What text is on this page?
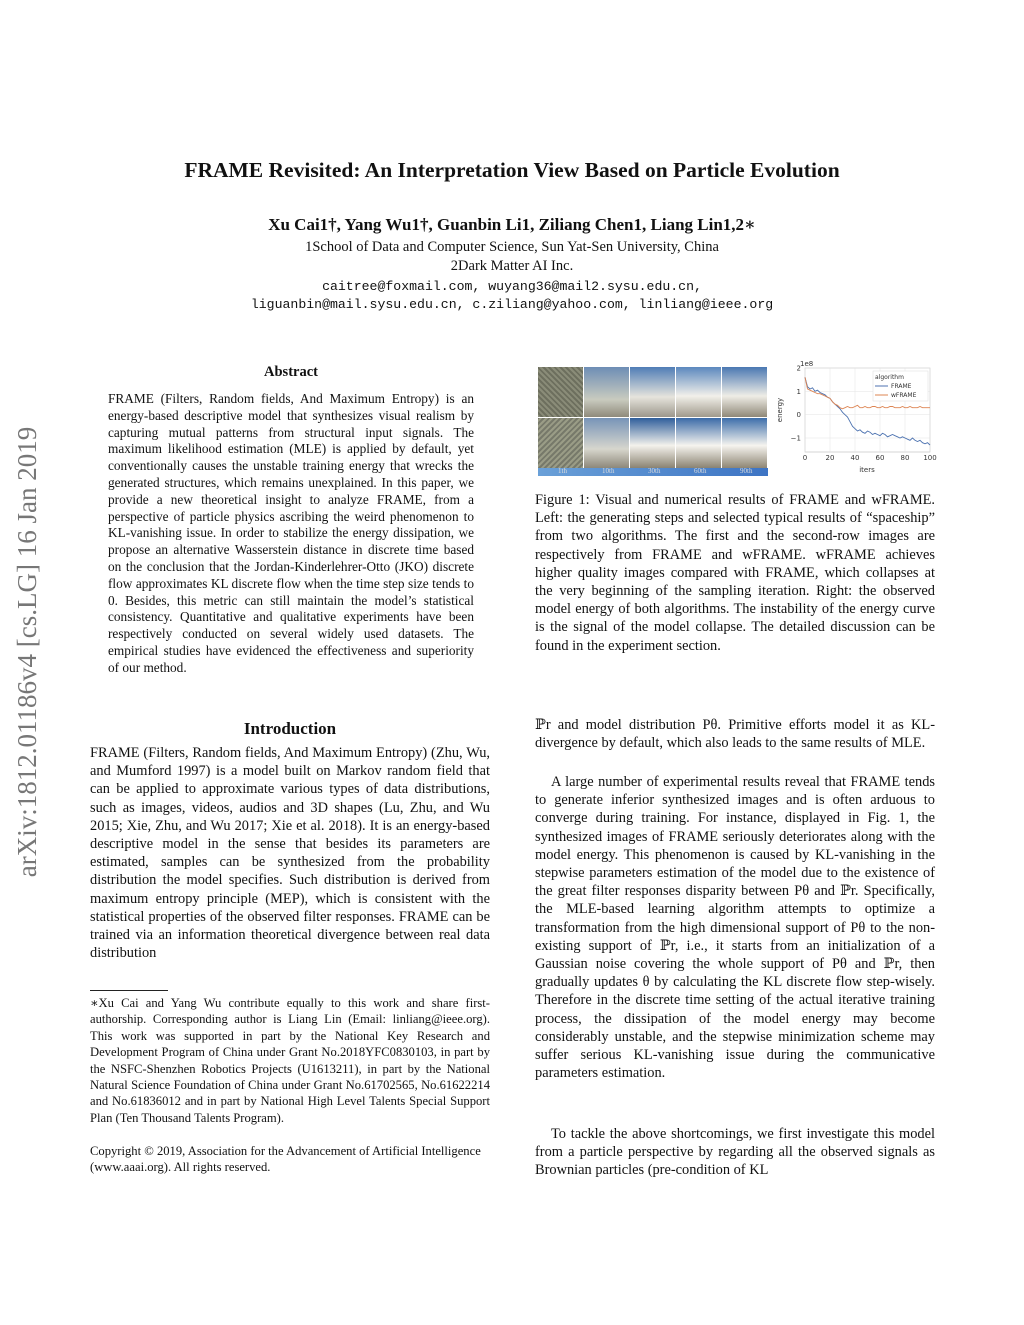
arXiv:1812.01186v4 [cs.LG] 16 Jan 2019
FRAME Revisited: An Interpretation View Based on Particle Evolution
Xu Cai1†, Yang Wu1†, Guanbin Li1, Ziliang Chen1, Liang Lin1,2∗
1School of Data and Computer Science, Sun Yat-Sen University, China
2Dark Matter AI Inc.
caitree@foxmail.com, wuyang36@mail2.sysu.edu.cn,
liguanbin@mail.sysu.edu.cn, c.ziliang@yahoo.com, linliang@ieee.org
Abstract
FRAME (Filters, Random fields, And Maximum Entropy) is an energy-based descriptive model that synthesizes visual realism by capturing mutual patterns from structural input signals. The maximum likelihood estimation (MLE) is applied by default, yet conventionally causes the unstable training energy that wrecks the generated structures, which remains unexplained. In this paper, we provide a new theoretical insight to analyze FRAME, from a perspective of particle physics ascribing the weird phenomenon to KL-vanishing issue. In order to stabilize the energy dissipation, we propose an alternative Wasserstein distance in discrete time based on the conclusion that the Jordan-Kinderlehrer-Otto (JKO) discrete flow approximates KL discrete flow when the time step size tends to 0. Besides, this metric can still maintain the model’s statistical consistency. Quantitative and qualitative experiments have been respectively conducted on several widely used datasets. The empirical studies have evidenced the effectiveness and superiority of our method.
Introduction
FRAME (Filters, Random fields, And Maximum Entropy) (Zhu, Wu, and Mumford 1997) is a model built on Markov random field that can be applied to approximate various types of data distributions, such as images, videos, audios and 3D shapes (Lu, Zhu, and Wu 2015; Xie, Zhu, and Wu 2017; Xie et al. 2018). It is an energy-based descriptive model in the sense that besides its parameters are estimated, samples can be synthesized from the probability distribution the model specifies. Such distribution is derived from maximum entropy principle (MEP), which is consistent with the statistical properties of the observed filter responses. FRAME can be trained via an information theoretical divergence between real data distribution
∗Xu Cai and Yang Wu contribute equally to this work and share first-authorship. Corresponding author is Liang Lin (Email: linliang@ieee.org). This work was supported in part by the National Key Research and Development Program of China under Grant No.2018YFC0830103, in part by the NSFC-Shenzhen Robotics Projects (U1613211), in part by the National Natural Science Foundation of China under Grant No.61702565, No.61622214 and No.61836012 and in part by National High Level Talents Special Support Plan (Ten Thousand Talents Program).
Copyright © 2019, Association for the Advancement of Artificial Intelligence (www.aaai.org). All rights reserved.
1th	10th	30th	60th	90th
0	20 40 60 80 100
2
1
0
−1
1e8
iters
energy
algorithm
FRAME
wFRAME
Figure 1: Visual and numerical results of FRAME and wFRAME. Left: the generating steps and selected typical results of “spaceship” from two algorithms. The first and the second-row images are respectively from FRAME and wFRAME. wFRAME achieves higher quality images compared with FRAME, which collapses at the very beginning of the sampling iteration. Right: the observed model energy of both algorithms. The instability of the energy curve is the signal of the model collapse. The detailed discussion can be found in the experiment section.
ℙr and model distribution Pθ. Primitive efforts model it as KL-divergence by default, which also leads to the same results of MLE.
A large number of experimental results reveal that FRAME tends to generate inferior synthesized images and is often arduous to converge during training. For instance, displayed in Fig. 1, the synthesized images of FRAME seriously deteriorates along with the model energy. This phenomenon is caused by KL-vanishing in the stepwise parameters estimation of the model due to the existence of the great filter responses disparity between Pθ and ℙr. Specifically, the MLE-based learning algorithm attempts to optimize a transformation from the high dimensional support of Pθ to the non-existing support of ℙr, i.e., it starts from an initialization of a Gaussian noise covering the whole support of Pθ and ℙr, then gradually updates θ by calculating the KL discrete flow step-wisely. Therefore in the discrete time setting of the actual iterative training process, the dissipation of the model energy may become considerably unstable, and the stepwise minimization scheme may suffer serious KL-vanishing issue during the communicative parameters estimation.
To tackle the above shortcomings, we first investigate this model from a particle perspective by regarding all the observed signals as Brownian particles (pre-condition of KL
